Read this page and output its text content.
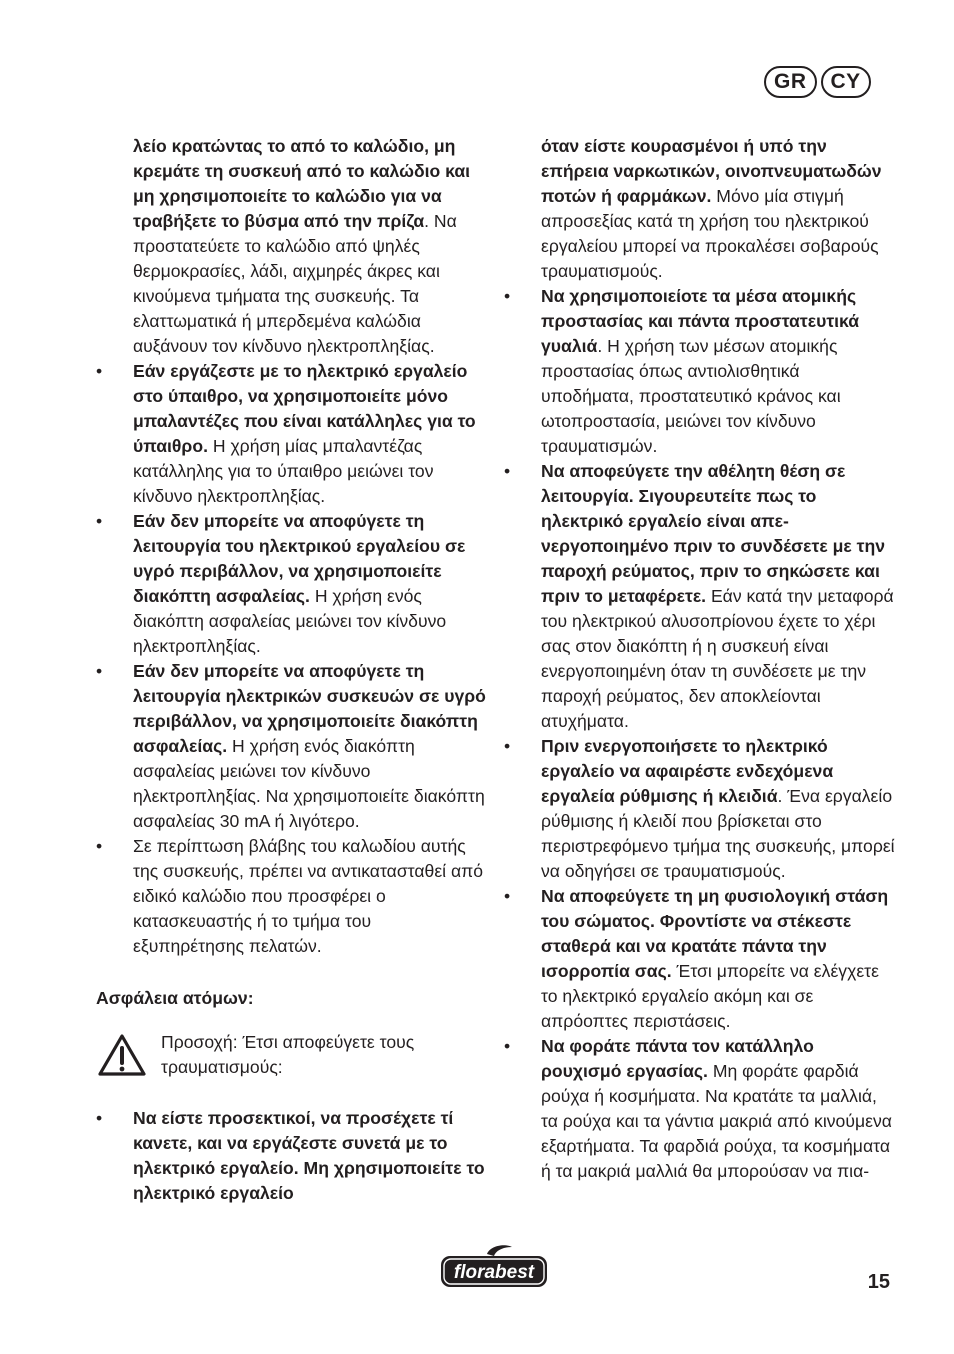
GR	CY
λείο κρατώντας το από το καλώδιο, μη κρεμάτε τη συσκευή από το καλώδιο και μη χρησιμοποιείτε το καλώδιο για να τραβήξετε το βύσμα από την πρίζα. Να προστατεύετε το καλώδιο από ψηλές θερμοκρασίες, λάδι, αιχμηρές άκρες και κινούμενα τμήματα της συσκευής. Τα ελαττωματικά ή μπερδεμένα καλώδια αυξάνουν τον κίνδυνο ηλεκτροπληξίας.
•	Εάν εργάζεστε με το ηλεκτρικό εργαλείο στο ύπαιθρο, να χρησιμοποιείτε μόνο μπαλαντέζες που είναι κατάλληλες για το ύπαιθρο. Η χρήση μίας μπαλαντέζας κατάλληλης για το ύπαιθρο μειώνει τον κίνδυνο ηλεκτροπληξίας.
•	Εάν δεν μπορείτε να αποφύγετε τη λειτουργία του ηλεκτρικού εργαλείου σε υγρό περιβάλλον, να χρησιμοποιείτε διακόπτη ασφαλείας. Η χρήση ενός διακόπτη ασφαλείας μειώνει τον κίνδυνο ηλεκτροπληξίας.
•	Εάν δεν μπορείτε να αποφύγετε τη λειτουργία ηλεκτρικών συσκευών σε υγρό περιβάλλον, να χρησιμοποιείτε διακόπτη ασφαλείας. Η χρήση ενός διακόπτη ασφαλείας μειώνει τον κίνδυνο ηλεκτροπληξίας. Να χρησιμοποιείτε διακόπτη ασφαλείας 30 mA ή λιγότερο.
•	Σε περίπτωση βλάβης του καλωδίου αυτής της συσκευής, πρέπει να αντικατασταθεί από ειδικό καλώδιο που προσφέρει ο κατασκευαστής ή το τμήμα του εξυπηρέτησης πελατών.
Ασφάλεια ατόμων:
Προσοχή: Έτσι αποφεύγετε τους τραυματισμούς:
•	Να είστε προσεκτικοί, να προσέχετε τί κανετε, και να εργάζεστε συνετά με το ηλεκτρικό εργαλείο. Μη χρησιμοποιείτε το ηλεκτρικό εργαλείο
όταν είστε κουρασμένοι ή υπό την επήρεια ναρκωτικών, οινοπνευματωδών ποτών ή φαρμάκων. Μόνο μία στιγμή απροσεξίας κατά τη χρήση του ηλεκτρικού εργαλείου μπορεί να προκαλέσει σοβαρούς τραυματισμούς.
•	Να χρησιμοποιείοτε τα μέσα ατομικής προστασίας και πάντα προστατευτικά γυαλιά. Η χρήση των μέσων ατομικής προστασίας όπως αντιολισθητικά υποδήματα, προστατευτικό κράνος και ωτοπροστασία, μειώνει τον κίνδυνο τραυματισμών.
•	Να αποφεύγετε την αθέλητη θέση σε λειτουργία. Σιγουρευτείτε πως το ηλεκτρικό εργαλείο είναι απενεργοποιημένο πριν το συνδέσετε με την παροχή ρεύματος, πριν το σηκώσετε και πριν το μεταφέρετε. Εάν κατά την μεταφορά του ηλεκτρικού αλυσοπρίονου έχετε το χέρι σας στον διακόπτη ή η συσκευή είναι ενεργοποιημένη όταν τη συνδέσετε με την παροχή ρεύματος, δεν αποκλείονται ατυχήματα.
•	Πριν ενεργοποιήσετε το ηλεκτρικό εργαλείο να αφαιρέστε ενδεχόμενα εργαλεία ρύθμισης ή κλειδιά. Ένα εργαλείο ρύθμισης ή κλειδί που βρίσκεται στο περιστρεφόμενο τμήμα της συσκευής, μπορεί να οδηγήσει σε τραυματισμούς.
•	Να αποφεύγετε τη μη φυσιολογική στάση του σώματος. Φροντίστε να στέκεστε σταθερά και να κρατάτε πάντα την ισορροπία σας. Έτσι μπορείτε να ελέγχετε το ηλεκτρικό εργαλείο ακόμη και σε απρόοπτες περιστάσεις.
•	Να φοράτε πάντα τον κατάλληλο ρουχισμό εργασίας. Μη φοράτε φαρδιά ρούχα ή κοσμήματα. Να κρατάτε τα μαλλιά, τα ρούχα και τα γάντια μακριά από κινούμενα εξαρτήματα. Τα φαρδιά ρούχα, τα κοσμήματα ή τα μακριά μαλλιά θα μπορούσαν να πια-
florabest	15
